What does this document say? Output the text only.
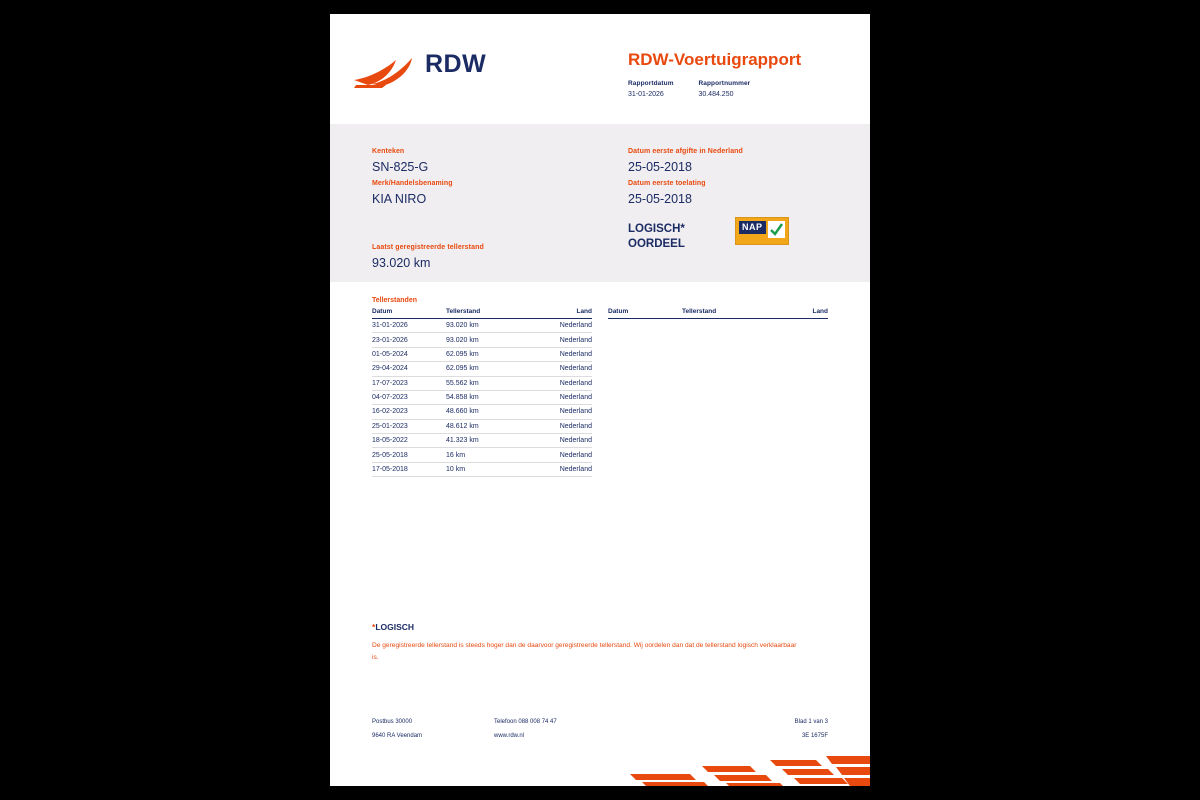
RDW	RDW-Voertuigrapport
Rapportdatum
31-01-2026

Rapportnummer
30.484.250
Kenteken
SN-825-G
Merk/Handelsbenaming
KIA NIRO
Laatst geregistreerde tellerstand
93.020 km
Datum eerste afgifte in Nederland
25-05-2018
Datum eerste toelating
25-05-2018
LOGISCH*
OORDEEL
NAP
Tellerstanden
Datum	Tellerstand	Land
31-01-2026	93.020 km	Nederland
23-01-2026	93.020 km	Nederland
01-05-2024	62.095 km	Nederland
29-04-2024	62.095 km	Nederland
17-07-2023	55.562 km	Nederland
04-07-2023	54.858 km	Nederland
16-02-2023	48.660 km	Nederland
25-01-2023	48.612 km	Nederland
18-05-2022	41.323 km	Nederland
25-05-2018	16 km	Nederland
17-05-2018	10 km	Nederland
Datum	Tellerstand	Land
*LOGISCH
De geregistreerde tellerstand is steeds hoger dan de daarvoor geregistreerde tellerstand. Wij oordelen dan dat de tellerstand logisch verklaarbaar is.
Postbus 30000
9640 RA Veendam
Telefoon 088 008 74 47
www.rdw.nl
Blad 1 van 3
3E 1675F
